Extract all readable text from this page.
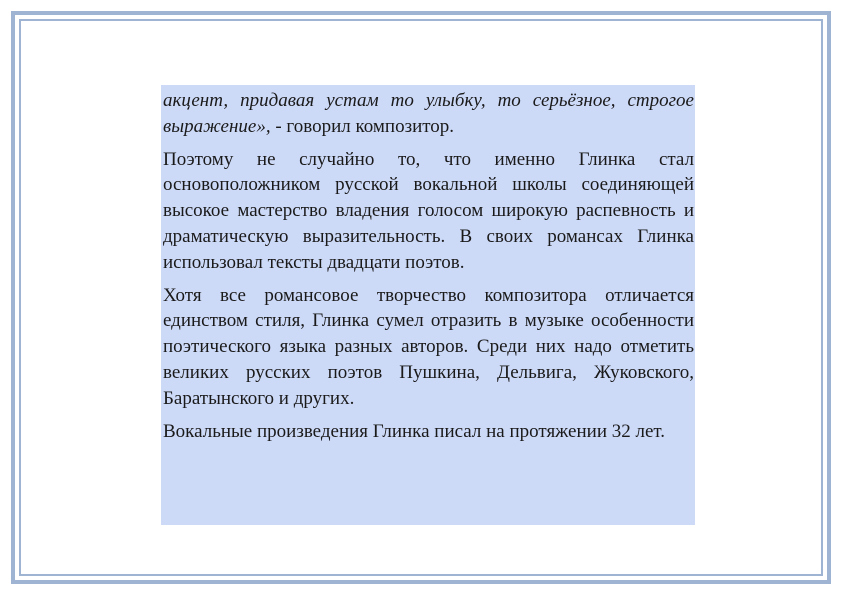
акцент, придавая устам то улыбку, то серьёзное, строгое выражение», - говорил композитор.

Поэтому не случайно то, что именно Глинка стал основоположником русской вокальной школы соединяющей высокое мастерство владения голосом широкую распевность и драматическую выразительность. В своих романсах Глинка использовал тексты двадцати поэтов.

Хотя все романсовое творчество композитора отличается единством стиля, Глинка сумел отразить в музыке особенности поэтического языка разных авторов. Среди них надо отметить великих русских поэтов Пушкина, Дельвига, Жуковского, Баратынского и других.

Вокальные произведения Глинка писал на протяжении 32 лет.
